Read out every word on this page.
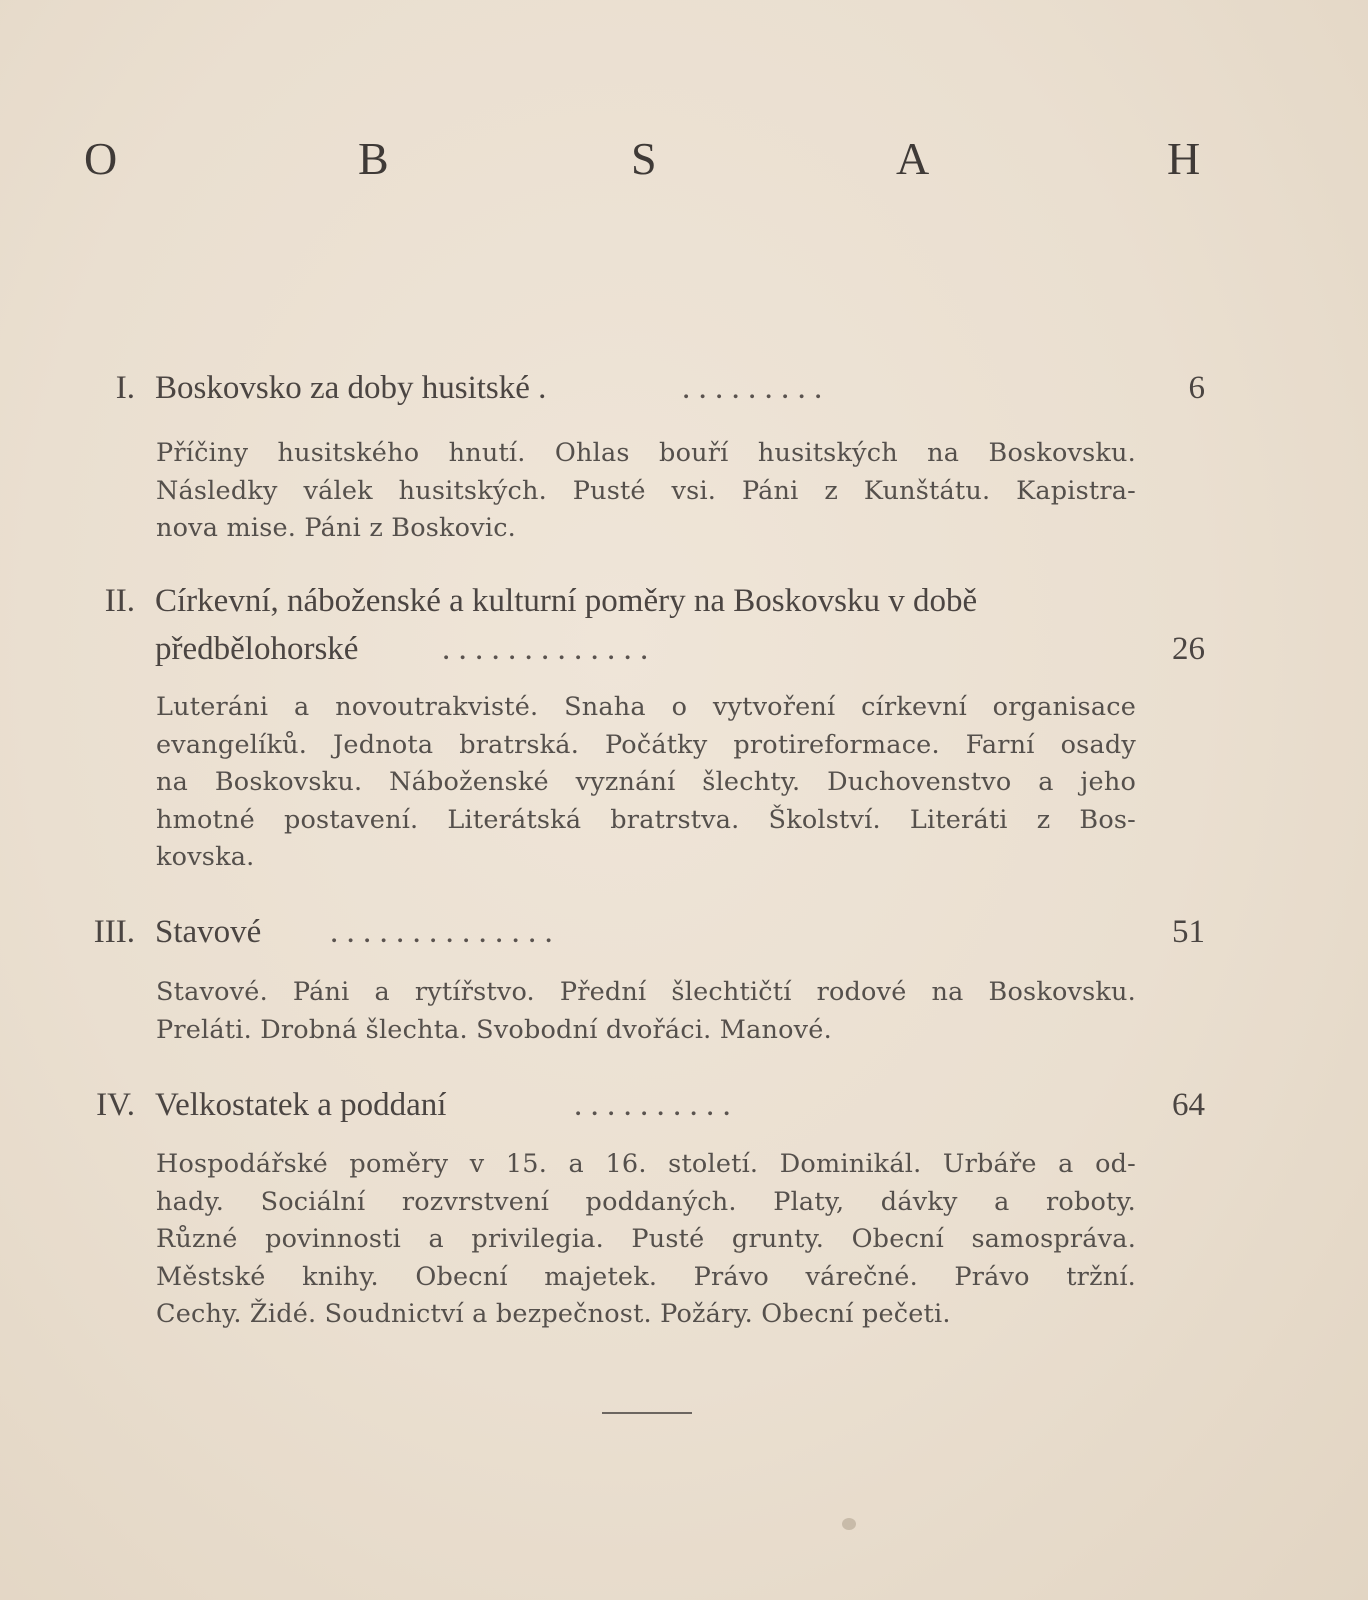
O	B	S	A	H
I. Boskovsko za doby husitské .	. . . . . . . . .	6
Příčiny husitského hnutí. Ohlas bouří husitských na Boskovsku.
Následky válek husitských. Pusté vsi. Páni z Kunštátu. Kapistra-
nova mise. Páni z Boskovic.
II. Církevní, náboženské a kulturní poměry na Boskovsku v době
předbělohorské	. . . . . . . . . . . . .	26
Luteráni a novoutrakvisté. Snaha o vytvoření církevní organisace
evangelíků. Jednota bratrská. Počátky protireformace. Farní osady
na Boskovsku. Náboženské vyznání šlechty. Duchovenstvo a jeho
hmotné postavení. Literátská bratrstva. Školství. Literáti z Bos-
kovska.
III. Stavové . . . . . . . . . . . . . .	51
Stavové. Páni a rytířstvo. Přední šlechtičtí rodové na Boskovsku.
Preláti. Drobná šlechta. Svobodní dvořáci. Manové.
IV. Velkostatek a poddaní	. . . . . . . . . .	64
Hospodářské poměry v 15. a 16. století. Dominikál. Urbáře a od-
hady. Sociální rozvrstvení poddaných. Platy, dávky a roboty.
Různé povinnosti a privilegia. Pusté grunty. Obecní samospráva.
Městské knihy. Obecní majetek. Právo várečné. Právo tržní.
Cechy. Židé. Soudnictví a bezpečnost. Požáry. Obecní pečeti.
